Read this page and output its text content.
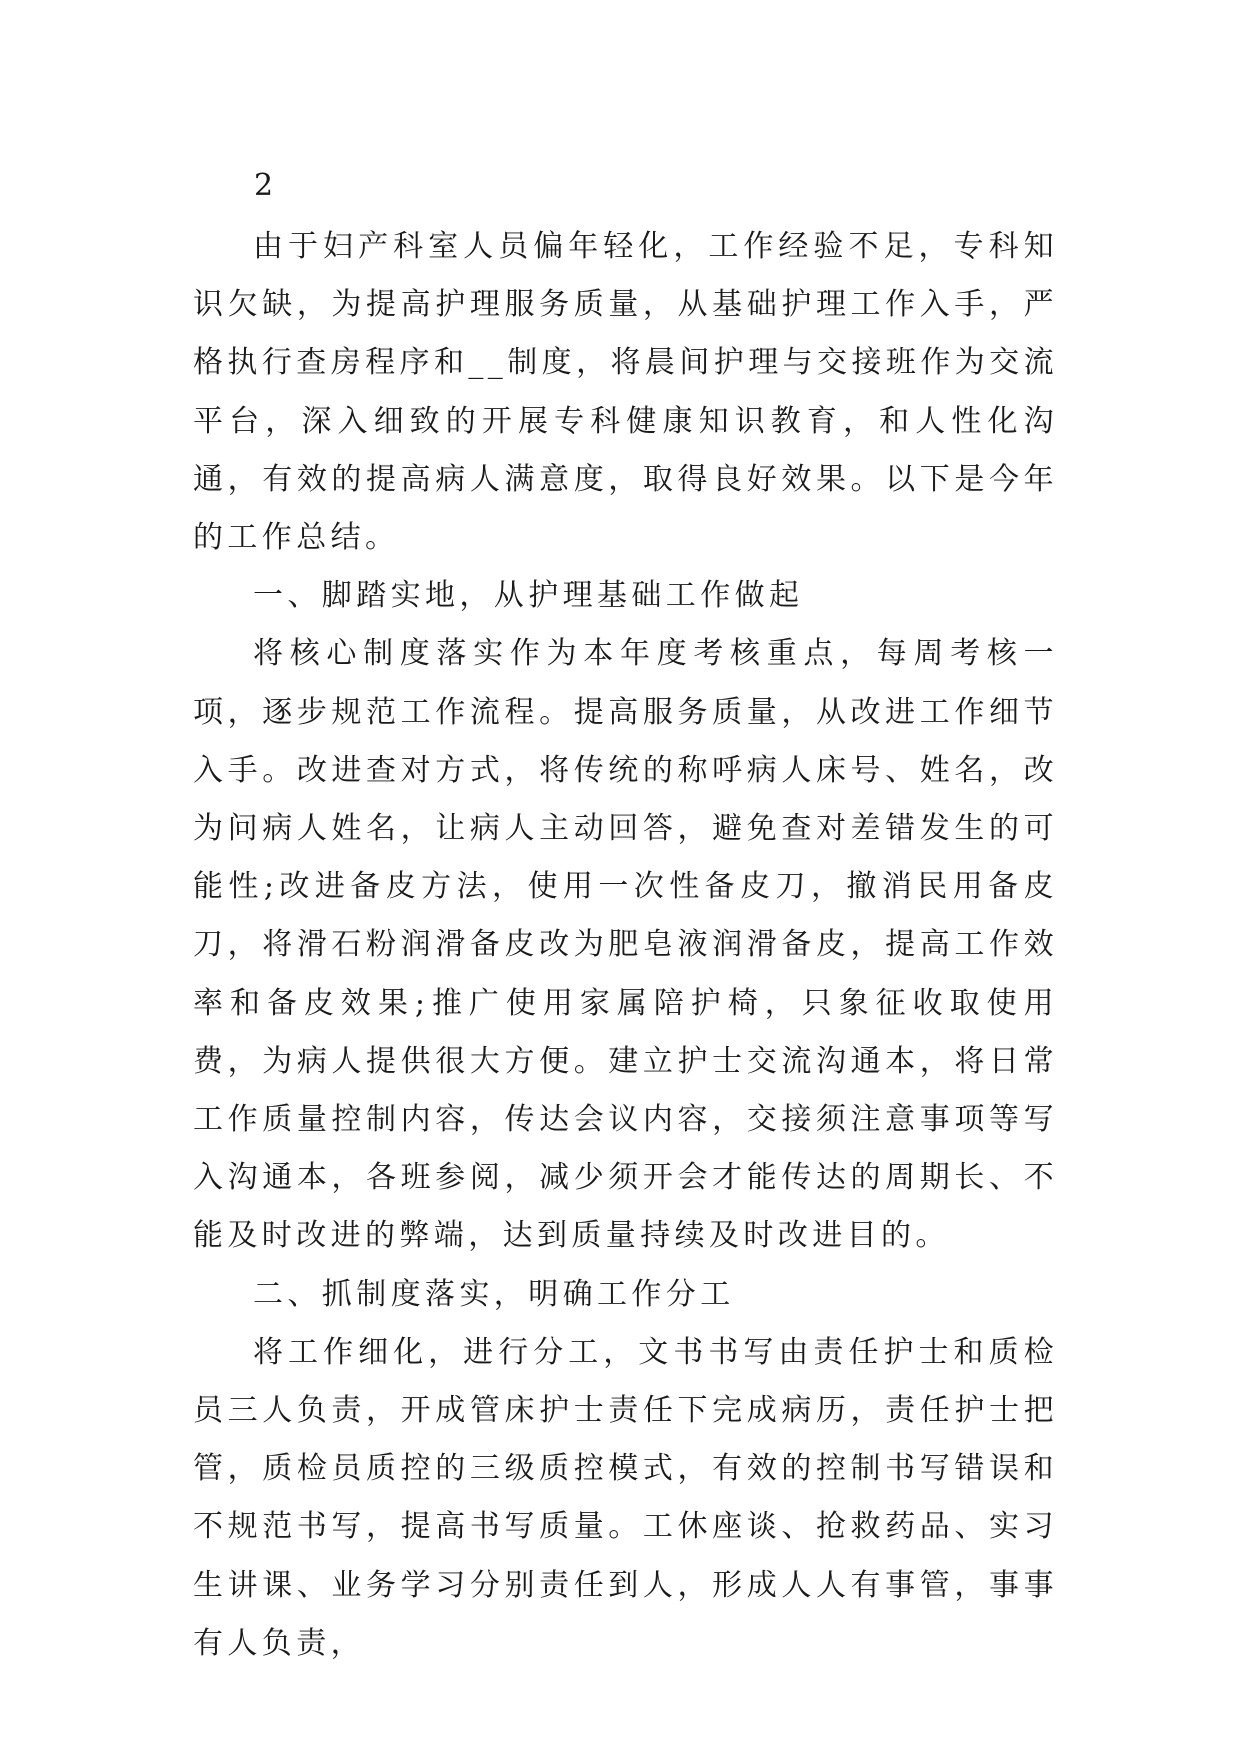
2

由于妇产科室人员偏年轻化，工作经验不足，专科知识欠缺，为提高护理服务质量，从基础护理工作入手，严格执行查房程序和__制度，将晨间护理与交接班作为交流平台，深入细致的开展专科健康知识教育，和人性化沟通，有效的提高病人满意度，取得良好效果。以下是今年的工作总结。

一、脚踏实地，从护理基础工作做起

将核心制度落实作为本年度考核重点，每周考核一项，逐步规范工作流程。提高服务质量，从改进工作细节入手。改进查对方式，将传统的称呼病人床号、姓名，改为问病人姓名，让病人主动回答，避免查对差错发生的可能性;改进备皮方法，使用一次性备皮刀，撤消民用备皮刀，将滑石粉润滑备皮改为肥皂液润滑备皮，提高工作效率和备皮效果;推广使用家属陪护椅，只象征收取使用费，为病人提供很大方便。建立护士交流沟通本，将日常工作质量控制内容，传达会议内容，交接须注意事项等写入沟通本，各班参阅，减少须开会才能传达的周期长、不能及时改进的弊端，达到质量持续及时改进目的。

二、抓制度落实，明确工作分工

将工作细化，进行分工，文书书写由责任护士和质检员三人负责，开成管床护士责任下完成病历，责任护士把管，质检员质控的三级质控模式，有效的控制书写错误和不规范书写，提高书写质量。工休座谈、抢救药品、实习生讲课、业务学习分别责任到人，形成人人有事管，事事有人负责，
